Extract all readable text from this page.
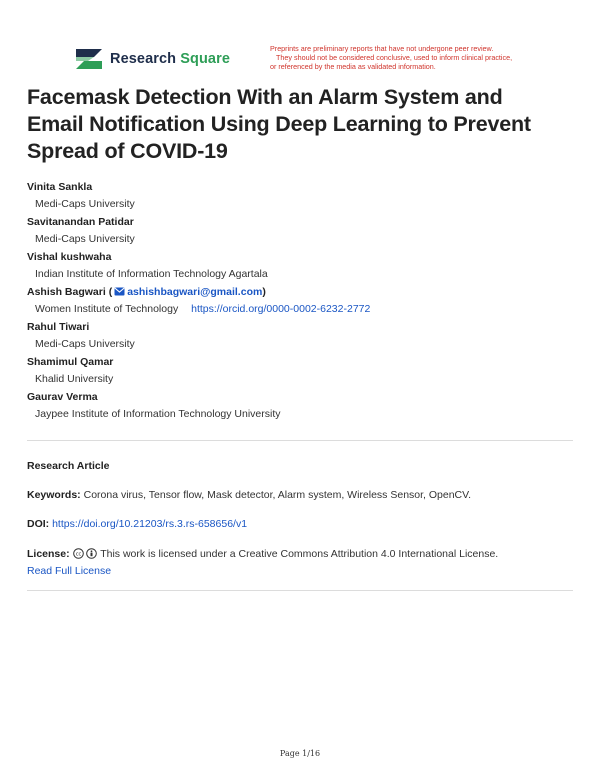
Research Square
Preprints are preliminary reports that have not undergone peer review.
They should not be considered conclusive, used to inform clinical practice,
or referenced by the media as validated information.
Facemask Detection With an Alarm System and
Email Notification Using Deep Learning to Prevent
Spread of COVID-19
Vinita Sankla
Medi-Caps University
Savitanandan Patidar
Medi-Caps University
Vishal kushwaha
Indian Institute of Information Technology Agartala
Ashish Bagwari ( ashishbagwari@gmail.com)
Women Institute of Technology https://orcid.org/0000-0002-6232-2772
Rahul Tiwari
Medi-Caps University
Shamimul Qamar
Khalid University
Gaurav Verma
Jaypee Institute of Information Technology University
Research Article
Keywords: Corona virus, Tensor flow, Mask detector, Alarm system, Wireless Sensor, OpenCV.
DOI: https://doi.org/10.21203/rs.3.rs-658656/v1
License: cc This work is licensed under a Creative Commons Attribution 4.0 International License.
Read Full License
Page 1/16
